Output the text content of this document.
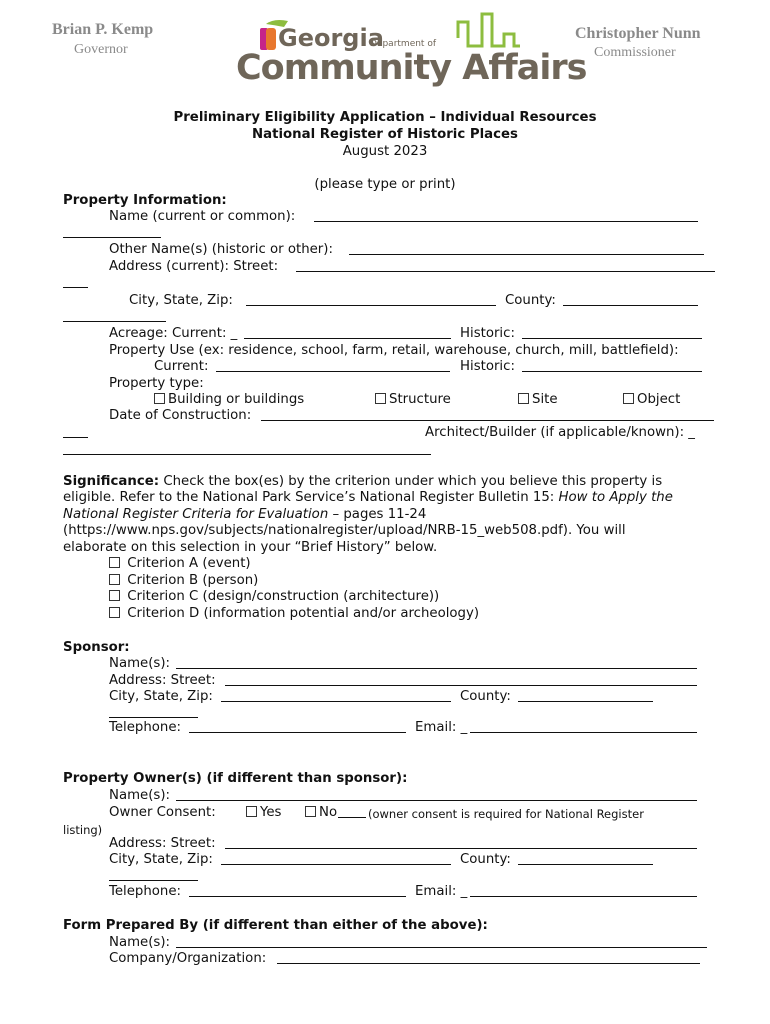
Brian P. Kemp
Governor
Christopher Nunn
Commissioner
Georgia
Department of
Community Affairs
Preliminary Eligibility Application – Individual Resources
National Register of Historic Places
August 2023
(please type or print)
Property Information:
Name (current or common):
Other Name(s) (historic or other):
Address (current): Street:
City, State, Zip:	County:
Acreage: Current: _	Historic:
Property Use (ex: residence, school, farm, retail, warehouse, church, mill, battlefield):
Current:	Historic:
Property type:
Building or buildings	Structure	Site	Object
Date of Construction:
Architect/Builder (if applicable/known): _
Significance: Check the box(es) by the criterion under which you believe this property is
eligible. Refer to the National Park Service’s National Register Bulletin 15: How to Apply the
National Register Criteria for Evaluation – pages 11-24
(https://www.nps.gov/subjects/nationalregister/upload/NRB-15_web508.pdf). You will
elaborate on this selection in your “Brief History” below.
Criterion A (event)
Criterion B (person)
Criterion C (design/construction (architecture))
Criterion D (information potential and/or archeology)
Sponsor:
Name(s):
Address: Street:
City, State, Zip:	County:
Telephone:	Email: _
Property Owner(s) (if different than sponsor):
Name(s):
Owner Consent:	Yes	No	(owner consent is required for National Register
listing)
Address: Street:
City, State, Zip:	County:
Telephone:	Email: _
Form Prepared By (if different than either of the above):
Name(s):
Company/Organization:
